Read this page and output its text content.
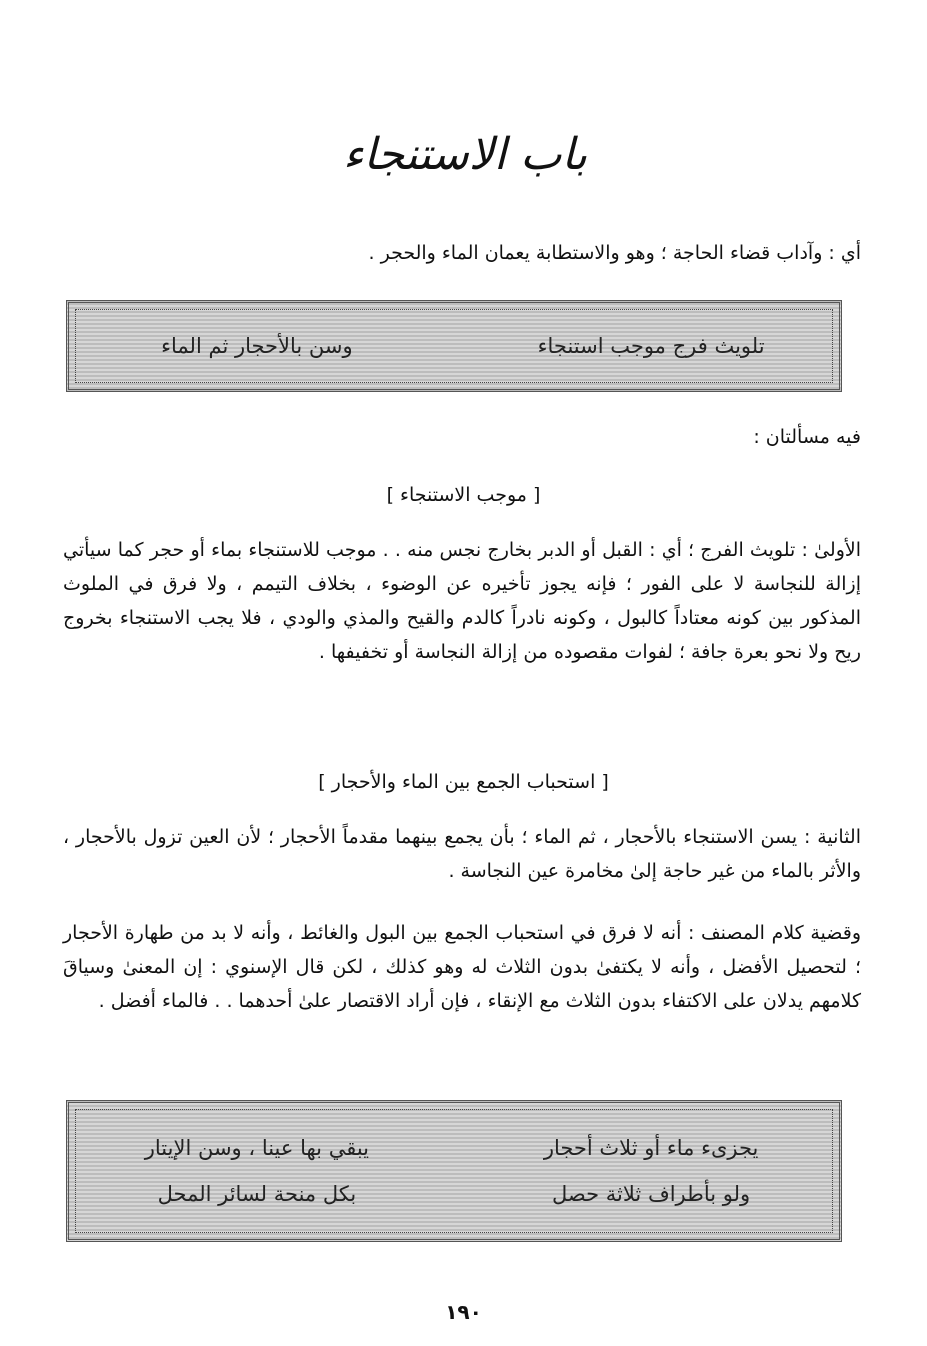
باب الاستنجاء
أي : وآداب قضاء الحاجة ؛ وهو والاستطابة يعمان الماء والحجر .
تلويث فرج موجب استنجاء
وسن بالأحجار ثم الماء
فيه مسألتان :
[ موجب الاستنجاء ]
الأولىٰ : تلويث الفرج ؛ أي : القبل أو الدبر بخارج نجس منه . . موجب للاستنجاء بماء أو حجر كما سيأتي إزالة للنجاسة لا على الفور ؛ فإنه يجوز تأخيره عن الوضوء ، بخلاف التيمم ، ولا فرق في الملوث المذكور بين كونه معتاداً كالبول ، وكونه نادراً كالدم والقيح والمذي والودي ، فلا يجب الاستنجاء بخروج ريح ولا نحو بعرة جافة ؛ لفوات مقصوده من إزالة النجاسة أو تخفيفها .
[ استحباب الجمع بين الماء والأحجار ]
الثانية : يسن الاستنجاء بالأحجار ، ثم الماء ؛ بأن يجمع بينهما مقدماً الأحجار ؛ لأن العين تزول بالأحجار ، والأثر بالماء من غير حاجة إلىٰ مخامرة عين النجاسة .
وقضية كلام المصنف : أنه لا فرق في استحباب الجمع بين البول والغائط ، وأنه لا بد من طهارة الأحجار ؛ لتحصيل الأفضل ، وأنه لا يكتفىٰ بدون الثلاث له وهو كذلك ، لكن قال الإسنوي : إن المعنىٰ وسياقَ كلامهم يدلان على الاكتفاء بدون الثلاث مع الإنقاء ، فإن أراد الاقتصار علىٰ أحدهما . . فالماء أفضل .
يجزىء ماء أو ثلاث أحجار
يبقي بها عينا ، وسن الإيتار
ولو بأطراف ثلاثة حصل
بكل منحة لسائر المحل
١٩٠
